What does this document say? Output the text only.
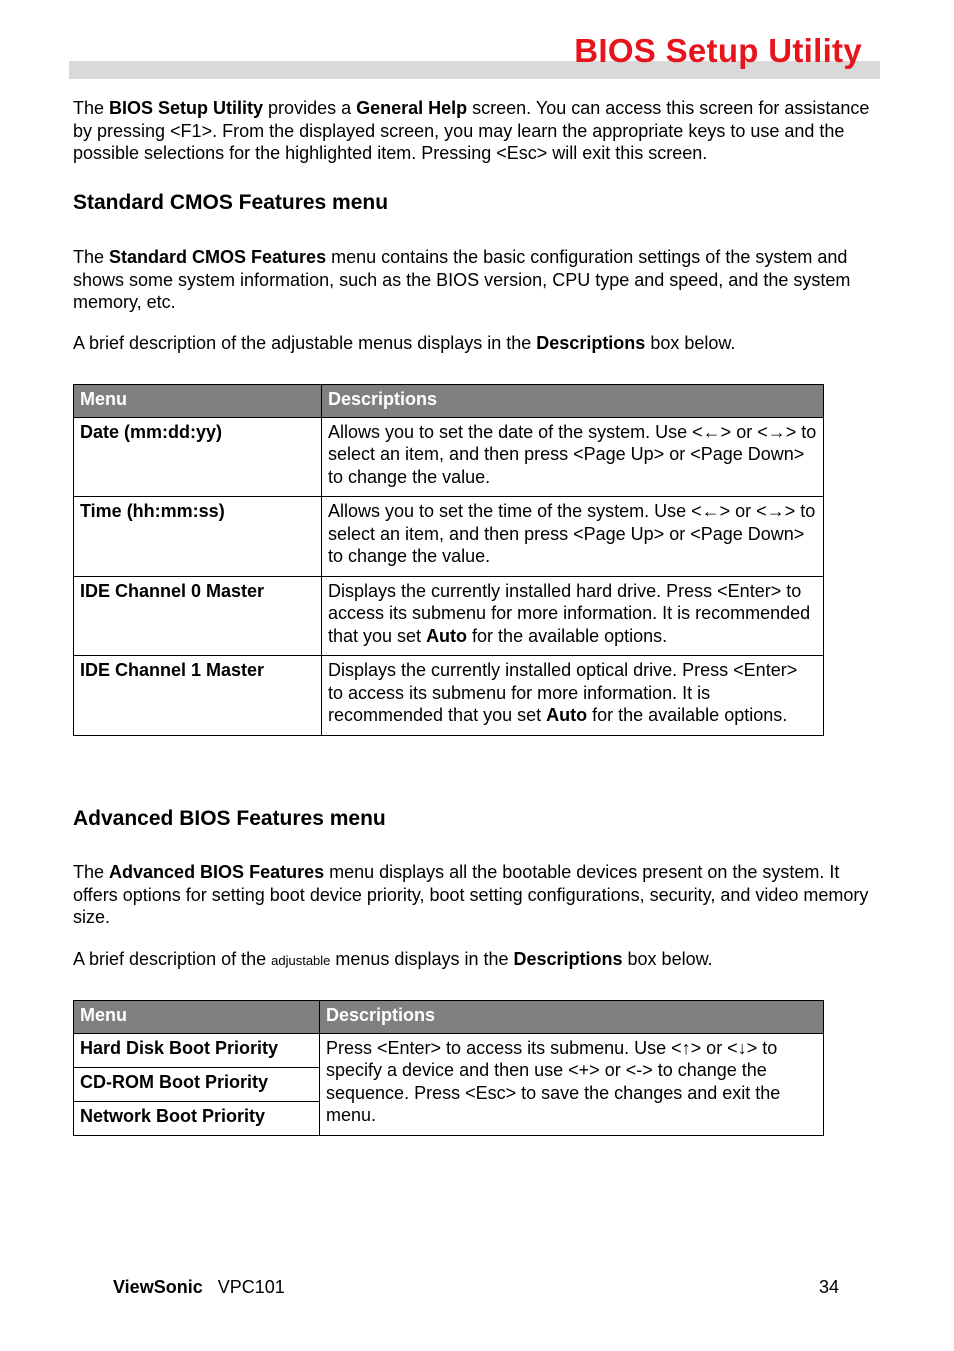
BIOS Setup Utility
The BIOS Setup Utility provides a General Help screen. You can access this screen for assistance by pressing <F1>. From the displayed screen, you may learn the appropriate keys to use and the possible selections for the highlighted item. Pressing <Esc> will exit this screen.
Standard CMOS Features menu
The Standard CMOS Features menu contains the basic configuration settings of the system and shows some system information, such as the BIOS version, CPU type and speed, and the system memory, etc.
A brief description of the adjustable menus displays in the Descriptions box below.
Menu	Descriptions
Date (mm:dd:yy)	Allows you to set the date of the system. Use <←> or <→> to select an item, and then press <Page Up> or <Page Down> to change the value.
Time (hh:mm:ss)	Allows you to set the time of the system. Use <←> or <→> to select an item, and then press <Page Up> or <Page Down> to change the value.
IDE Channel 0 Master	Displays the currently installed hard drive. Press <Enter> to access its submenu for more information. It is recommended that you set Auto for the available options.
IDE Channel 1 Master	Displays the currently installed optical drive. Press <Enter> to access its submenu for more information. It is recommended that you set Auto for the available options.
Advanced BIOS Features menu
The Advanced BIOS Features menu displays all the bootable devices present on the system. It offers options for setting boot device priority, boot setting configurations, security, and video memory size.
A brief description of the adjustable menus displays in the Descriptions box below.
Menu	Descriptions
Hard Disk Boot Priority	Press <Enter> to access its submenu. Use <↑> or <↓> to specify a device and then use <+> or <-> to change the sequence. Press <Esc> to save the changes and exit the menu.
CD-ROM Boot Priority	
Network Boot Priority	
ViewSonic VPC101	34
